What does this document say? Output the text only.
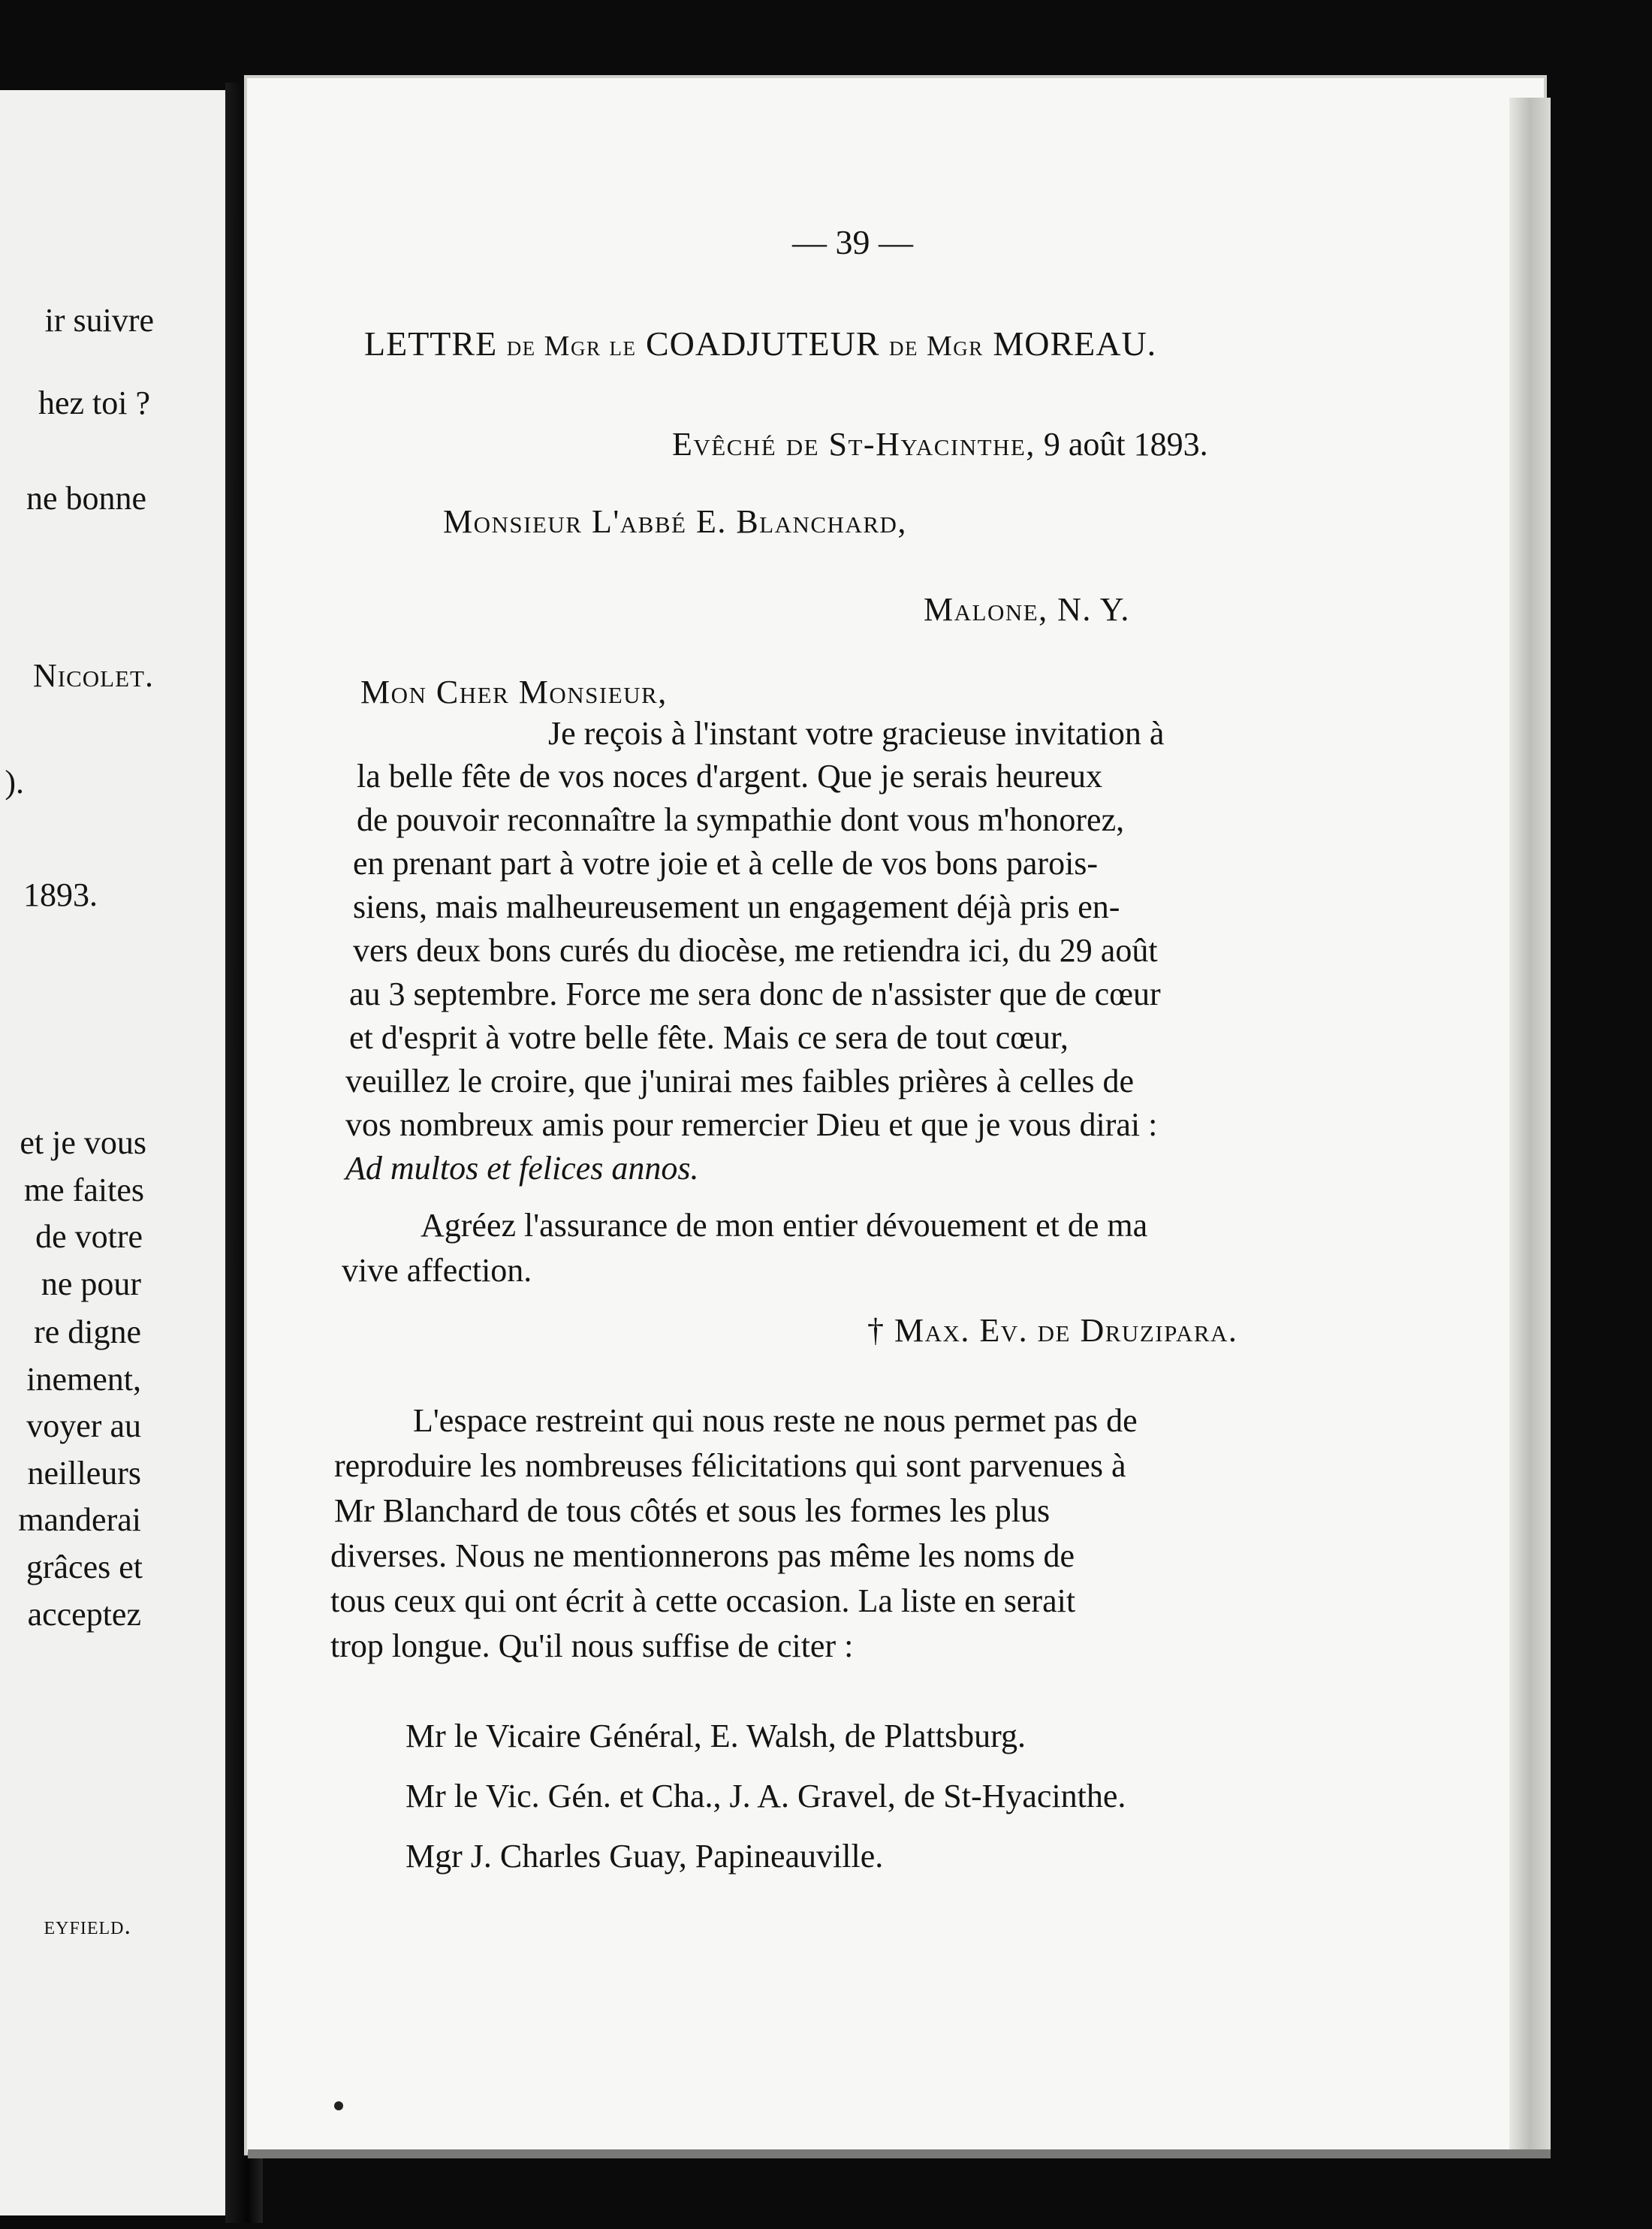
ir suivre
hez toi ?
ne bonne
Nicolet.
).
1893.
et je vous
me faites
de votre
ne pour
re digne
inement,
voyer au
neilleurs
manderai
grâces et
acceptez
eyfield.
— 39 —
LETTRE de Mgr le COADJUTEUR de Mgr MOREAU.
Evêché de St-Hyacinthe, 9 août 1893.
Monsieur L'abbé E. Blanchard,
Malone, N. Y.
Mon Cher Monsieur,
Je reçois à l'instant votre gracieuse invitation à
la belle fête de vos noces d'argent. Que je serais heureux
de pouvoir reconnaître la sympathie dont vous m'honorez,
en prenant part à votre joie et à celle de vos bons parois-
siens, mais malheureusement un engagement déjà pris en-
vers deux bons curés du diocèse, me retiendra ici, du 29 août
au 3 septembre. Force me sera donc de n'assister que de cœur
et d'esprit à votre belle fête. Mais ce sera de tout cœur,
veuillez le croire, que j'unirai mes faibles prières à celles de
vos nombreux amis pour remercier Dieu et que je vous dirai :
Ad multos et felices annos.
Agréez l'assurance de mon entier dévouement et de ma
vive affection.
† Max. Ev. de Druzipara.
L'espace restreint qui nous reste ne nous permet pas de
reproduire les nombreuses félicitations qui sont parvenues à
Mr Blanchard de tous côtés et sous les formes les plus
diverses. Nous ne mentionnerons pas même les noms de
tous ceux qui ont écrit à cette occasion. La liste en serait
trop longue. Qu'il nous suffise de citer :
Mr le Vicaire Général, E. Walsh, de Plattsburg.
Mr le Vic. Gén. et Cha., J. A. Gravel, de St-Hyacinthe.
Mgr J. Charles Guay, Papineauville.
